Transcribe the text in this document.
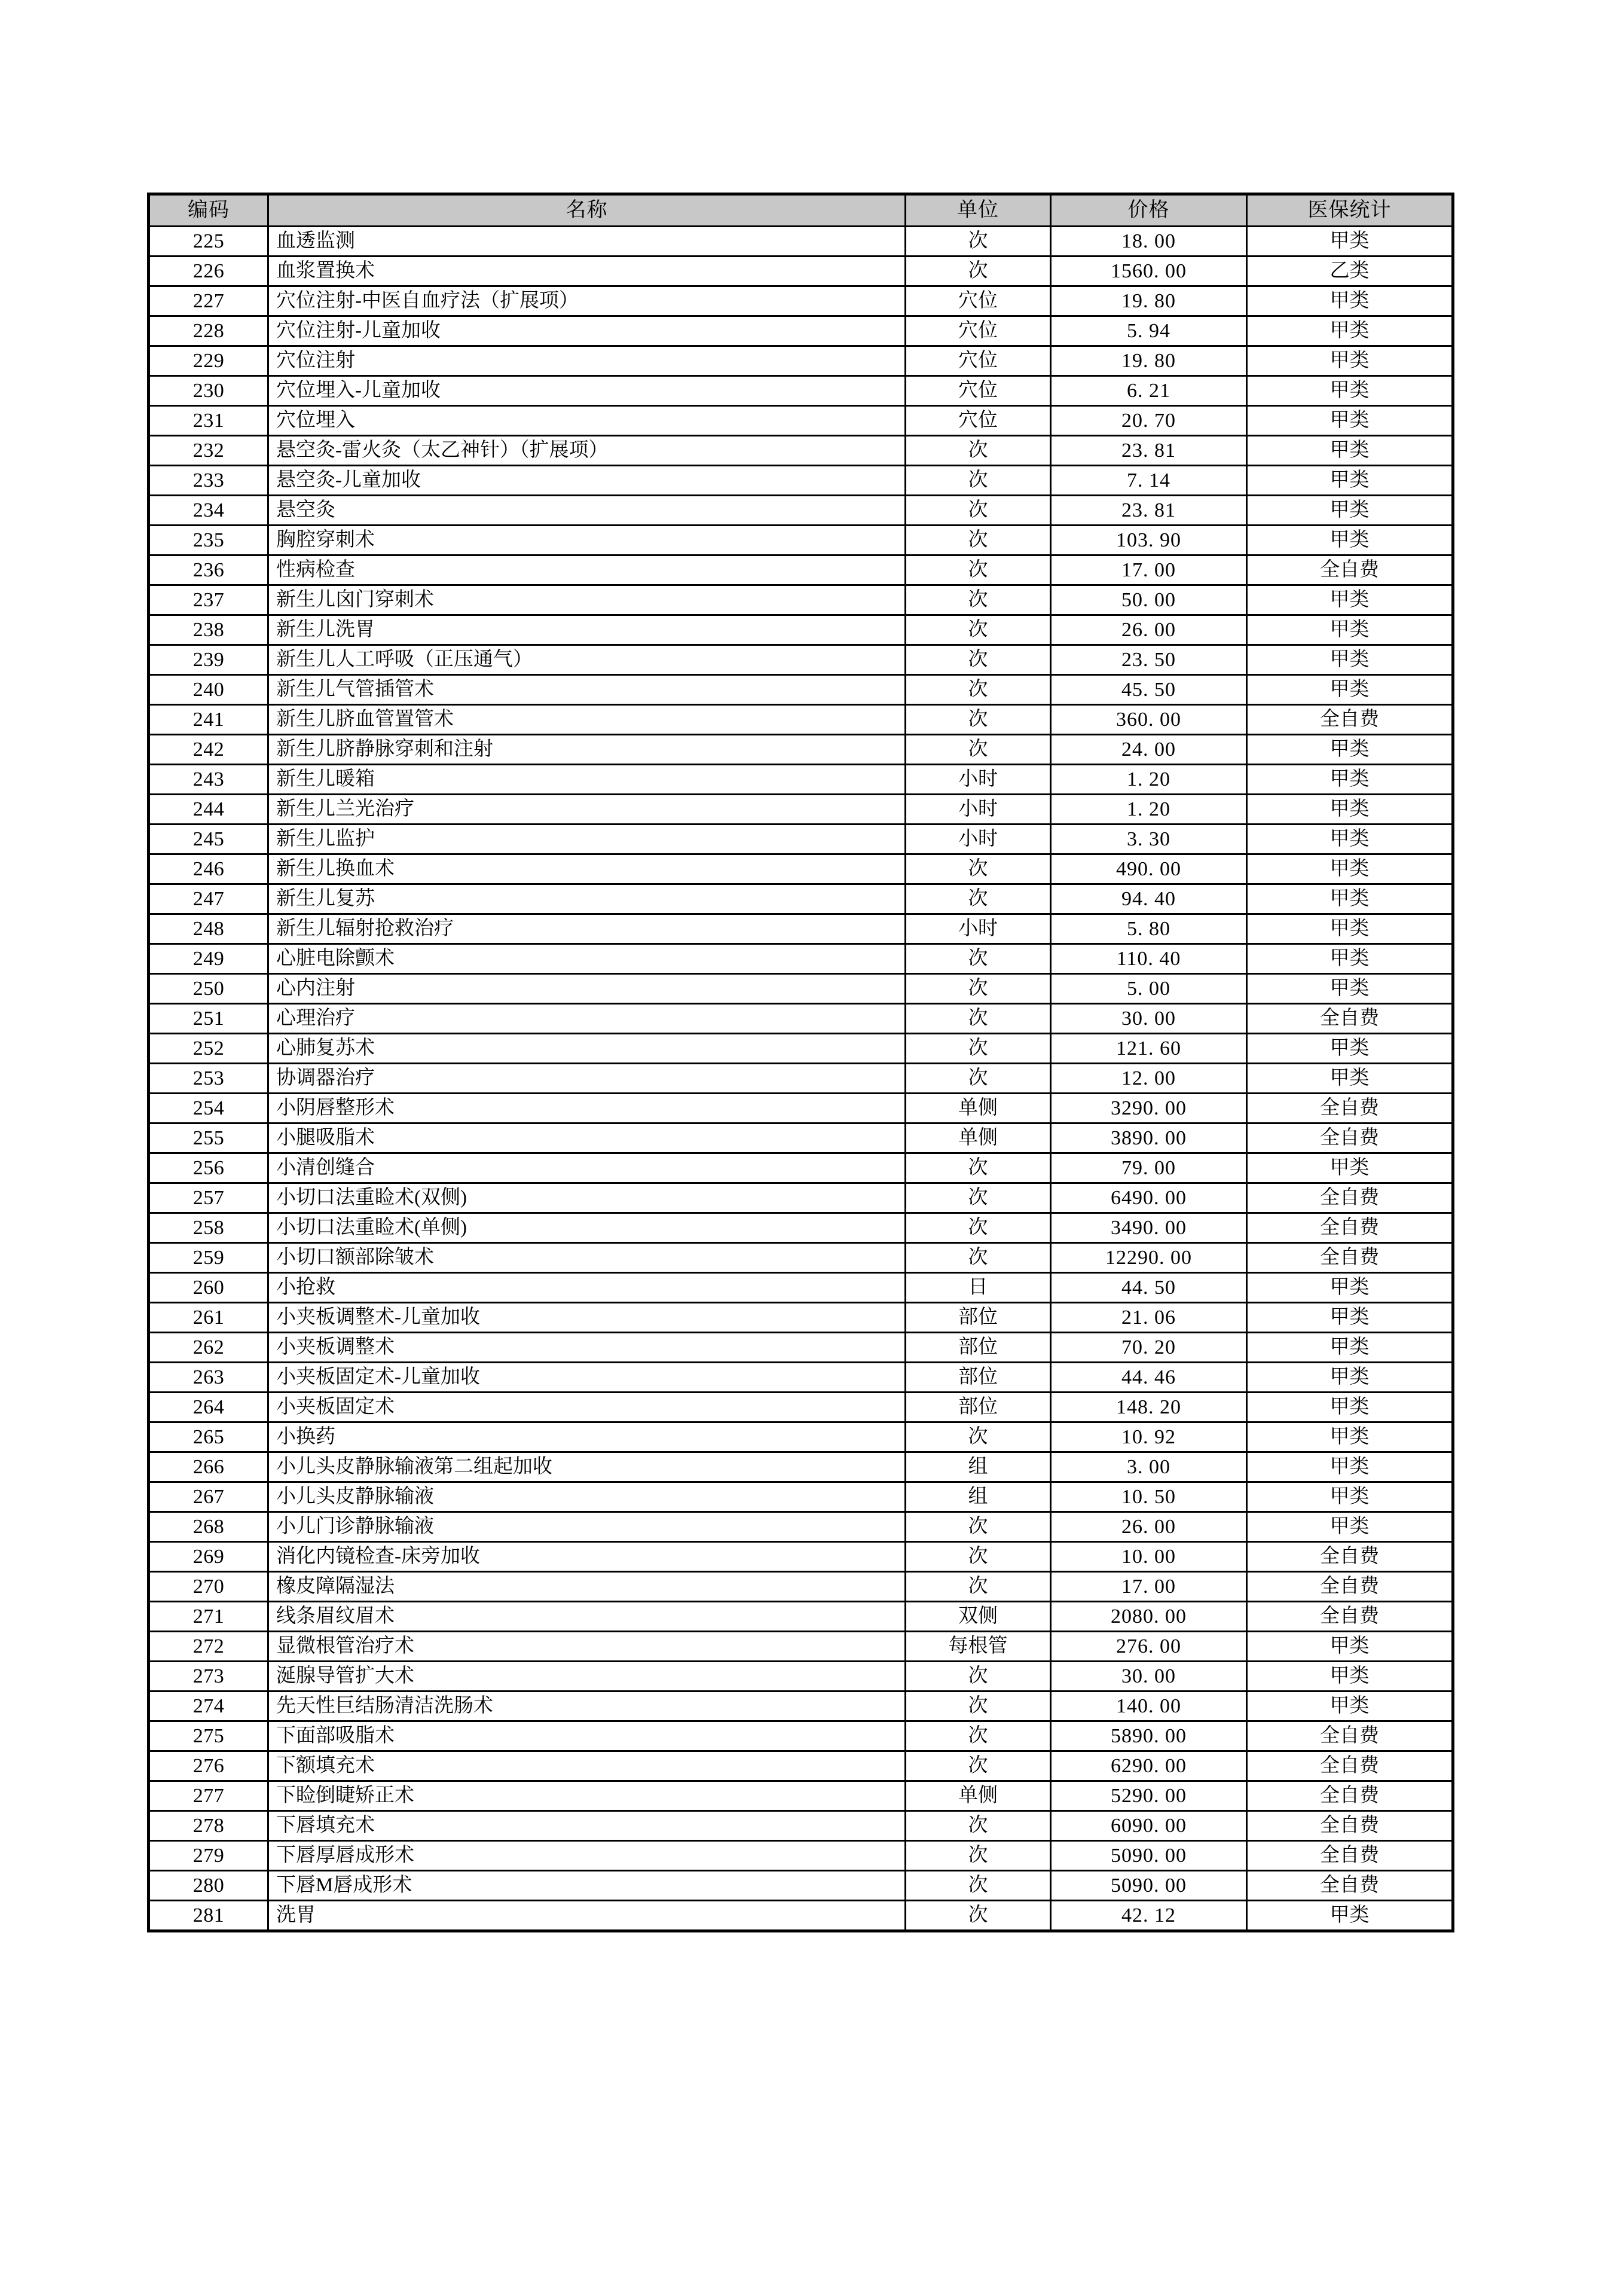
编码	名称	单位	价格	医保统计
225	血透监测	次	18. 00	甲类
226	血浆置换术	次	1560. 00	乙类
227	穴位注射-中医自血疗法（扩展项）	穴位	19. 80	甲类
228	穴位注射-儿童加收	穴位	5. 94	甲类
229	穴位注射	穴位	19. 80	甲类
230	穴位埋入-儿童加收	穴位	6. 21	甲类
231	穴位埋入	穴位	20. 70	甲类
232	悬空灸-雷火灸（太乙神针）（扩展项）	次	23. 81	甲类
233	悬空灸-儿童加收	次	7. 14	甲类
234	悬空灸	次	23. 81	甲类
235	胸腔穿刺术	次	103. 90	甲类
236	性病检查	次	17. 00	全自费
237	新生儿囟门穿刺术	次	50. 00	甲类
238	新生儿洗胃	次	26. 00	甲类
239	新生儿人工呼吸（正压通气）	次	23. 50	甲类
240	新生儿气管插管术	次	45. 50	甲类
241	新生儿脐血管置管术	次	360. 00	全自费
242	新生儿脐静脉穿刺和注射	次	24. 00	甲类
243	新生儿暖箱	小时	1. 20	甲类
244	新生儿兰光治疗	小时	1. 20	甲类
245	新生儿监护	小时	3. 30	甲类
246	新生儿换血术	次	490. 00	甲类
247	新生儿复苏	次	94. 40	甲类
248	新生儿辐射抢救治疗	小时	5. 80	甲类
249	心脏电除颤术	次	110. 40	甲类
250	心内注射	次	5. 00	甲类
251	心理治疗	次	30. 00	全自费
252	心肺复苏术	次	121. 60	甲类
253	协调器治疗	次	12. 00	甲类
254	小阴唇整形术	单侧	3290. 00	全自费
255	小腿吸脂术	单侧	3890. 00	全自费
256	小清创缝合	次	79. 00	甲类
257	小切口法重睑术(双侧)	次	6490. 00	全自费
258	小切口法重睑术(单侧)	次	3490. 00	全自费
259	小切口额部除皱术	次	12290. 00	全自费
260	小抢救	日	44. 50	甲类
261	小夹板调整术-儿童加收	部位	21. 06	甲类
262	小夹板调整术	部位	70. 20	甲类
263	小夹板固定术-儿童加收	部位	44. 46	甲类
264	小夹板固定术	部位	148. 20	甲类
265	小换药	次	10. 92	甲类
266	小儿头皮静脉输液第二组起加收	组	3. 00	甲类
267	小儿头皮静脉输液	组	10. 50	甲类
268	小儿门诊静脉输液	次	26. 00	甲类
269	消化内镜检查-床旁加收	次	10. 00	全自费
270	橡皮障隔湿法	次	17. 00	全自费
271	线条眉纹眉术	双侧	2080. 00	全自费
272	显微根管治疗术	每根管	276. 00	甲类
273	涎腺导管扩大术	次	30. 00	甲类
274	先天性巨结肠清洁洗肠术	次	140. 00	甲类
275	下面部吸脂术	次	5890. 00	全自费
276	下额填充术	次	6290. 00	全自费
277	下睑倒睫矫正术	单侧	5290. 00	全自费
278	下唇填充术	次	6090. 00	全自费
279	下唇厚唇成形术	次	5090. 00	全自费
280	下唇M唇成形术	次	5090. 00	全自费
281	洗胃	次	42. 12	甲类
